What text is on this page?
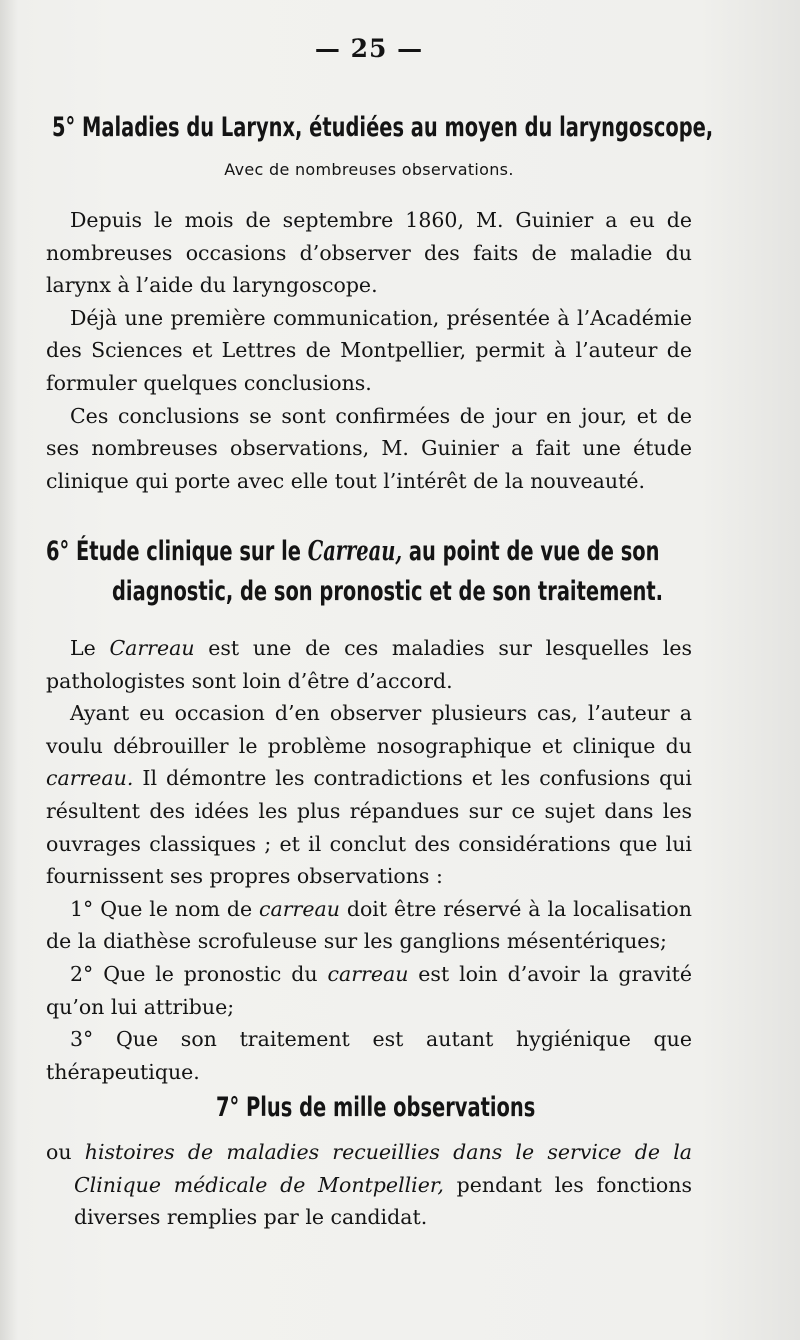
— 25 —
5° Maladies du Larynx, étudiées au moyen du laryngoscope,
Avec de nombreuses observations.

Depuis le mois de septembre 1860, M. Guinier a eu de nombreuses occasions d’observer des faits de maladie du larynx à l’aide du laryngoscope.

Déjà une première communication, présentée à l’Académie des Sciences et Lettres de Montpellier, permit à l’auteur de formuler quelques conclusions.

Ces conclusions se sont confirmées de jour en jour, et de ses nombreuses observations, M. Guinier a fait une étude clinique qui porte avec elle tout l’intérêt de la nouveauté.

6° Étude clinique sur le Carreau, au point de vue de son
diagnostic, de son pronostic et de son traitement.

Le Carreau est une de ces maladies sur lesquelles les pathologistes sont loin d’être d’accord.

Ayant eu occasion d’en observer plusieurs cas, l’auteur a voulu débrouiller le problème nosographique et clinique du carreau. Il démontre les contradictions et les confusions qui résultent des idées les plus répandues sur ce sujet dans les ouvrages classiques ; et il conclut des considérations que lui fournissent ses propres observations :

1° Que le nom de carreau doit être réservé à la localisation de la diathèse scrofuleuse sur les ganglions mésentériques;

2° Que le pronostic du carreau est loin d’avoir la gravité qu’on lui attribue;

3° Que son traitement est autant hygiénique que thérapeutique.

7° Plus de mille observations

ou histoires de maladies recueillies dans le service de la Clinique médicale de Montpellier, pendant les fonctions diverses remplies par le candidat.
